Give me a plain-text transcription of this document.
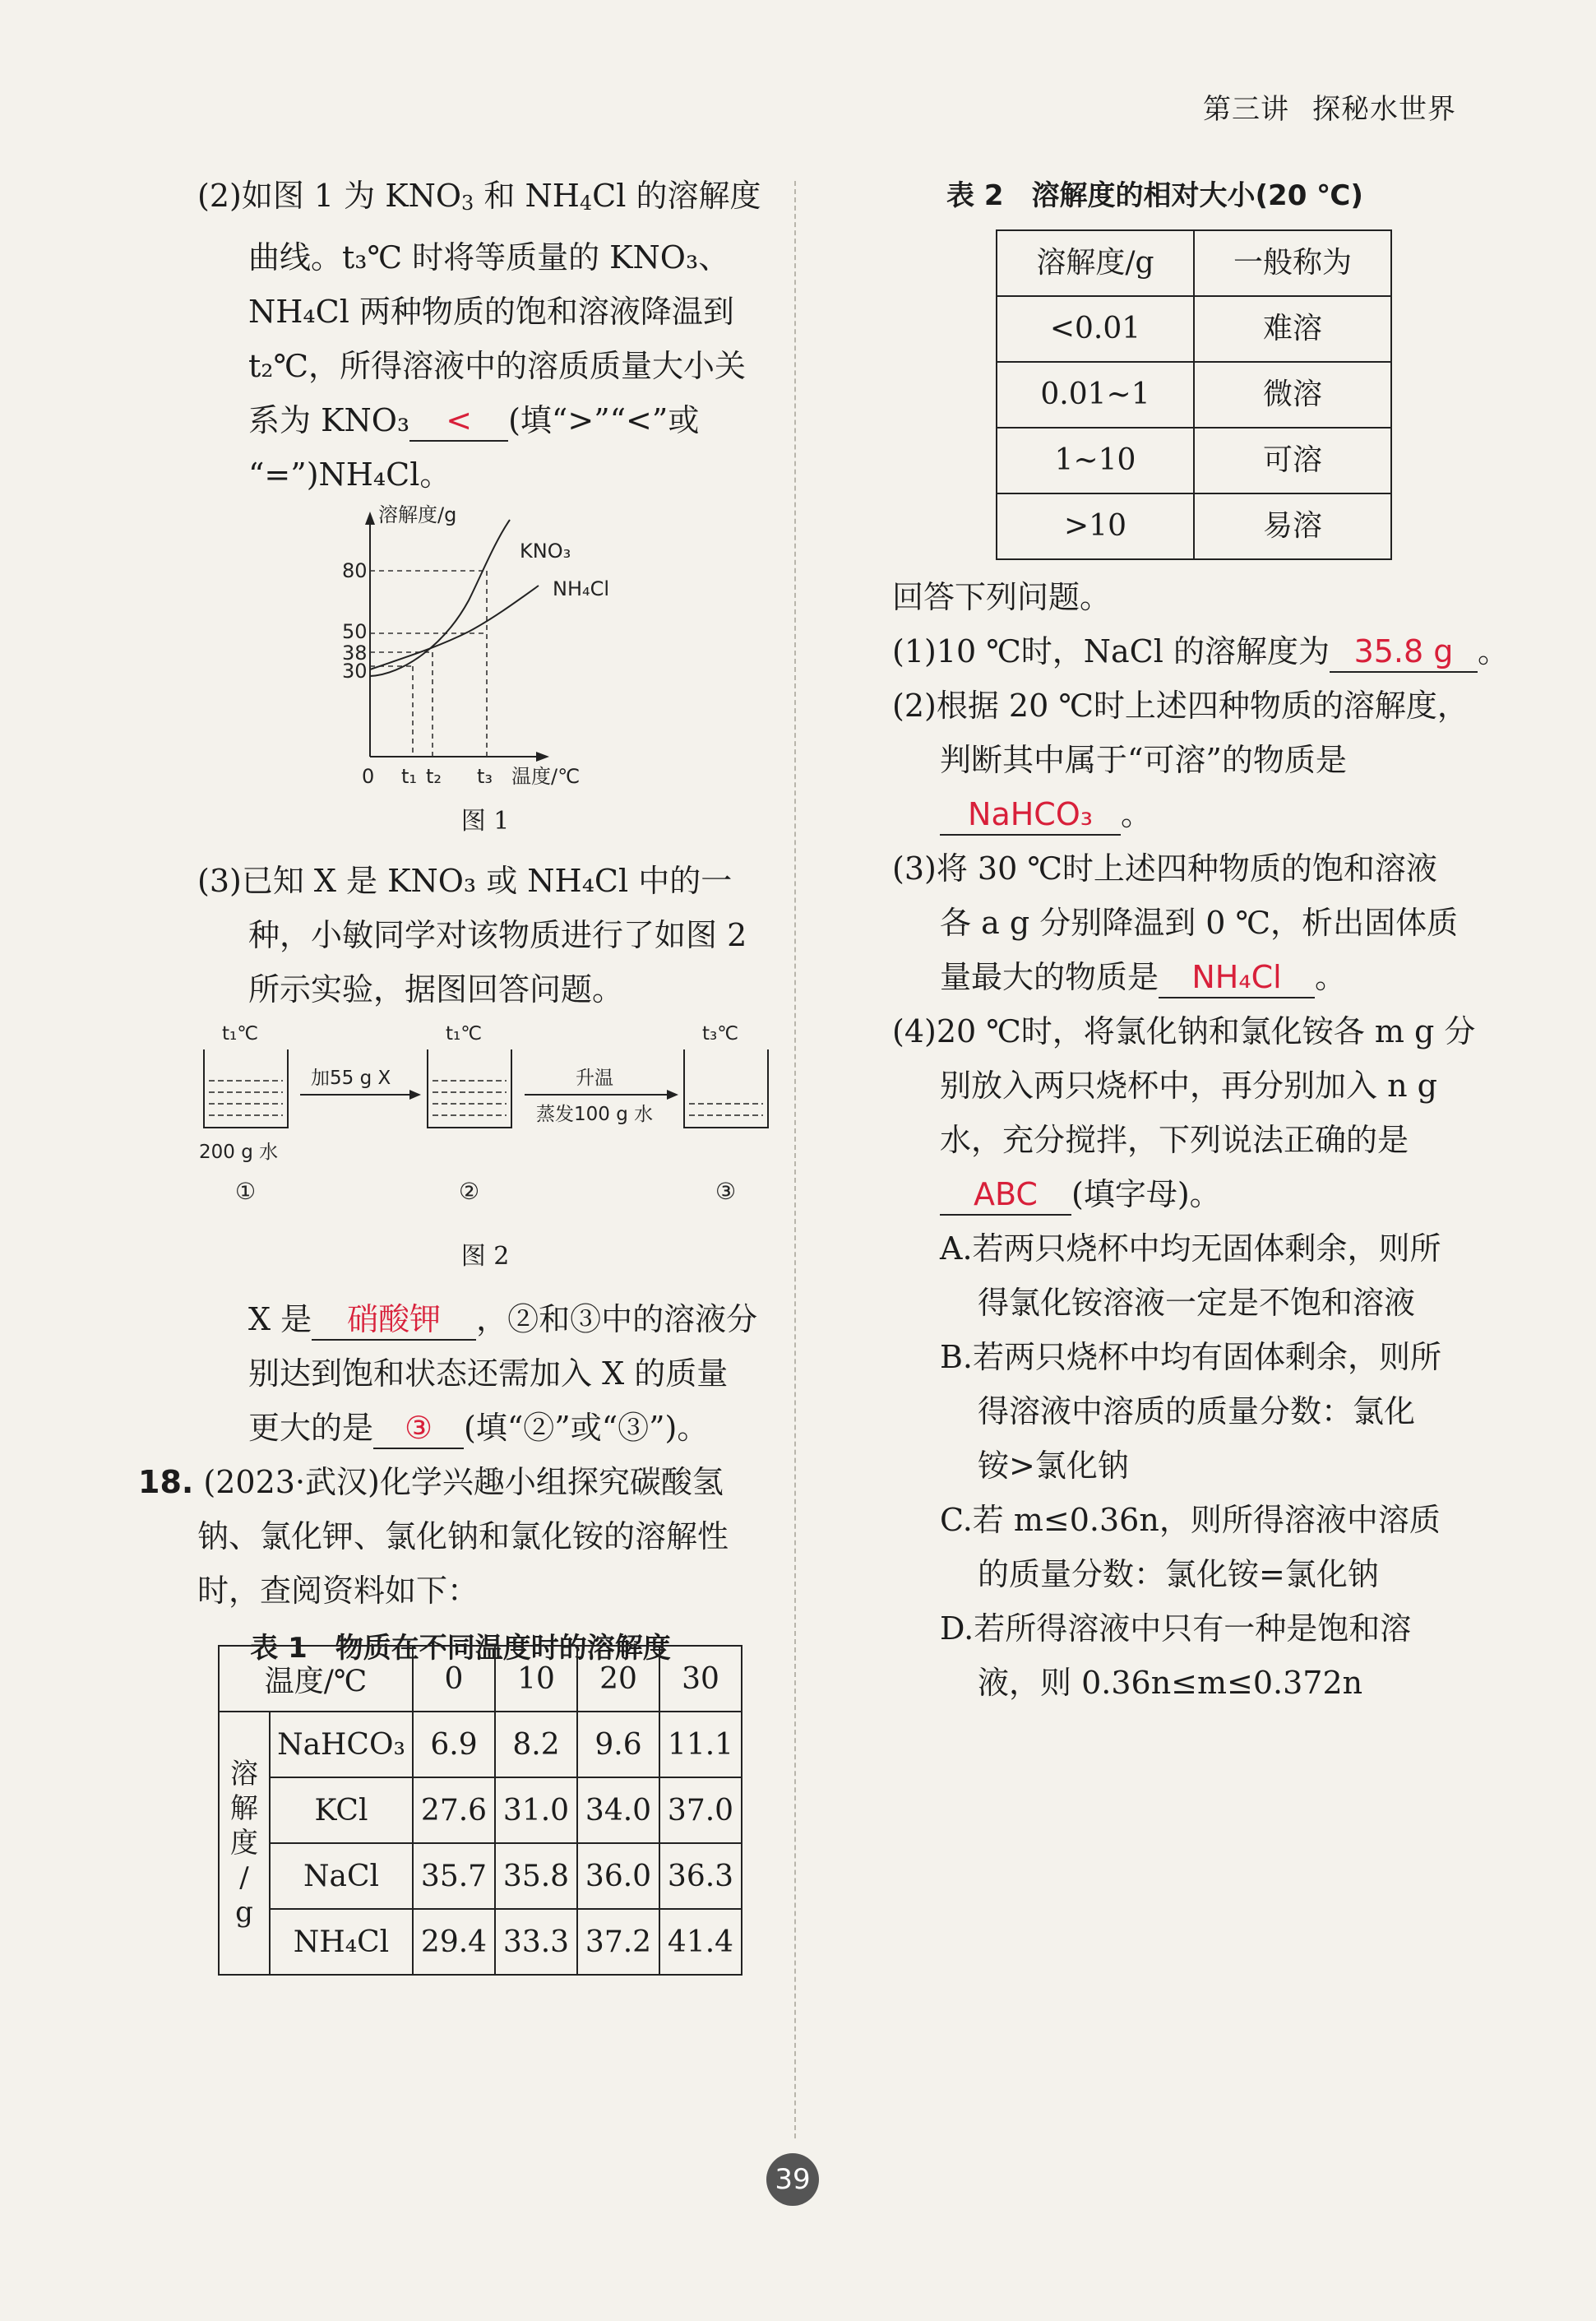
第三讲 探秘水世界
(2)如图 1 为 $KNO_3$ 和 $NH_4Cl$ 的溶解度
曲线。t₃℃ 时将等质量的 KNO₃、
NH₄Cl 两种物质的饱和溶液降温到
t₂℃，所得溶液中的溶质质量大小关
系为 KNO₃ < (填“>”“<”或
“=”)NH₄Cl。
溶解度/g
KNO₃
NH₄Cl
80
50
38
30
0 t₁ t₂ t₃ 温度/℃
图 1
(3)已知 X 是 KNO₃ 或 NH₄Cl 中的一
种，小敏同学对该物质进行了如图 2
所示实验，据图回答问题。
t₁℃	t₁℃	t₃℃
加55 g X	升温
蒸发100 g 水
200 g 水
①	②	③
图 2
X 是 硝酸钾 ，②和③中的溶液分
别达到饱和状态还需加入 X 的质量
更大的是 ③ (填“②”或“③”)。
18. (2023·武汉)化学兴趣小组探究碳酸氢
钠、氯化钾、氯化钠和氯化铵的溶解性
时，查阅资料如下：
表 1　物质在不同温度时的溶解度
温度/℃		0	10	20	30
溶
解
度
/
g	NaHCO₃	6.9	8.2	9.6	11.1
	KCl	27.6	31.0	34.0	37.0
	NaCl	35.7	35.8	36.0	36.3
	NH₄Cl	29.4	33.3	37.2	41.4
表 2　溶解度的相对大小(20 ℃)
溶解度/g	一般称为
<0.01	难溶
0.01~1	微溶
1~10	可溶
>10	易溶
回答下列问题。
(1)10 ℃时，NaCl 的溶解度为 35.8 g 。
(2)根据 20 ℃时上述四种物质的溶解度，
判断其中属于“可溶”的物质是
NaHCO₃ 。
(3)将 30 ℃时上述四种物质的饱和溶液
各 a g 分别降温到 0 ℃，析出固体质
量最大的物质是 NH₄Cl 。
(4)20 ℃时，将氯化钠和氯化铵各 m g 分
别放入两只烧杯中，再分别加入 n g
水，充分搅拌，下列说法正确的是
ABC (填字母)。
A.若两只烧杯中均无固体剩余，则所
得氯化铵溶液一定是不饱和溶液
B.若两只烧杯中均有固体剩余，则所
得溶液中溶质的质量分数：氯化
铵>氯化钠
C.若 m≤0.36n，则所得溶液中溶质
的质量分数：氯化铵=氯化钠
D.若所得溶液中只有一种是饱和溶
液，则 0.36n≤m≤0.372n
39
